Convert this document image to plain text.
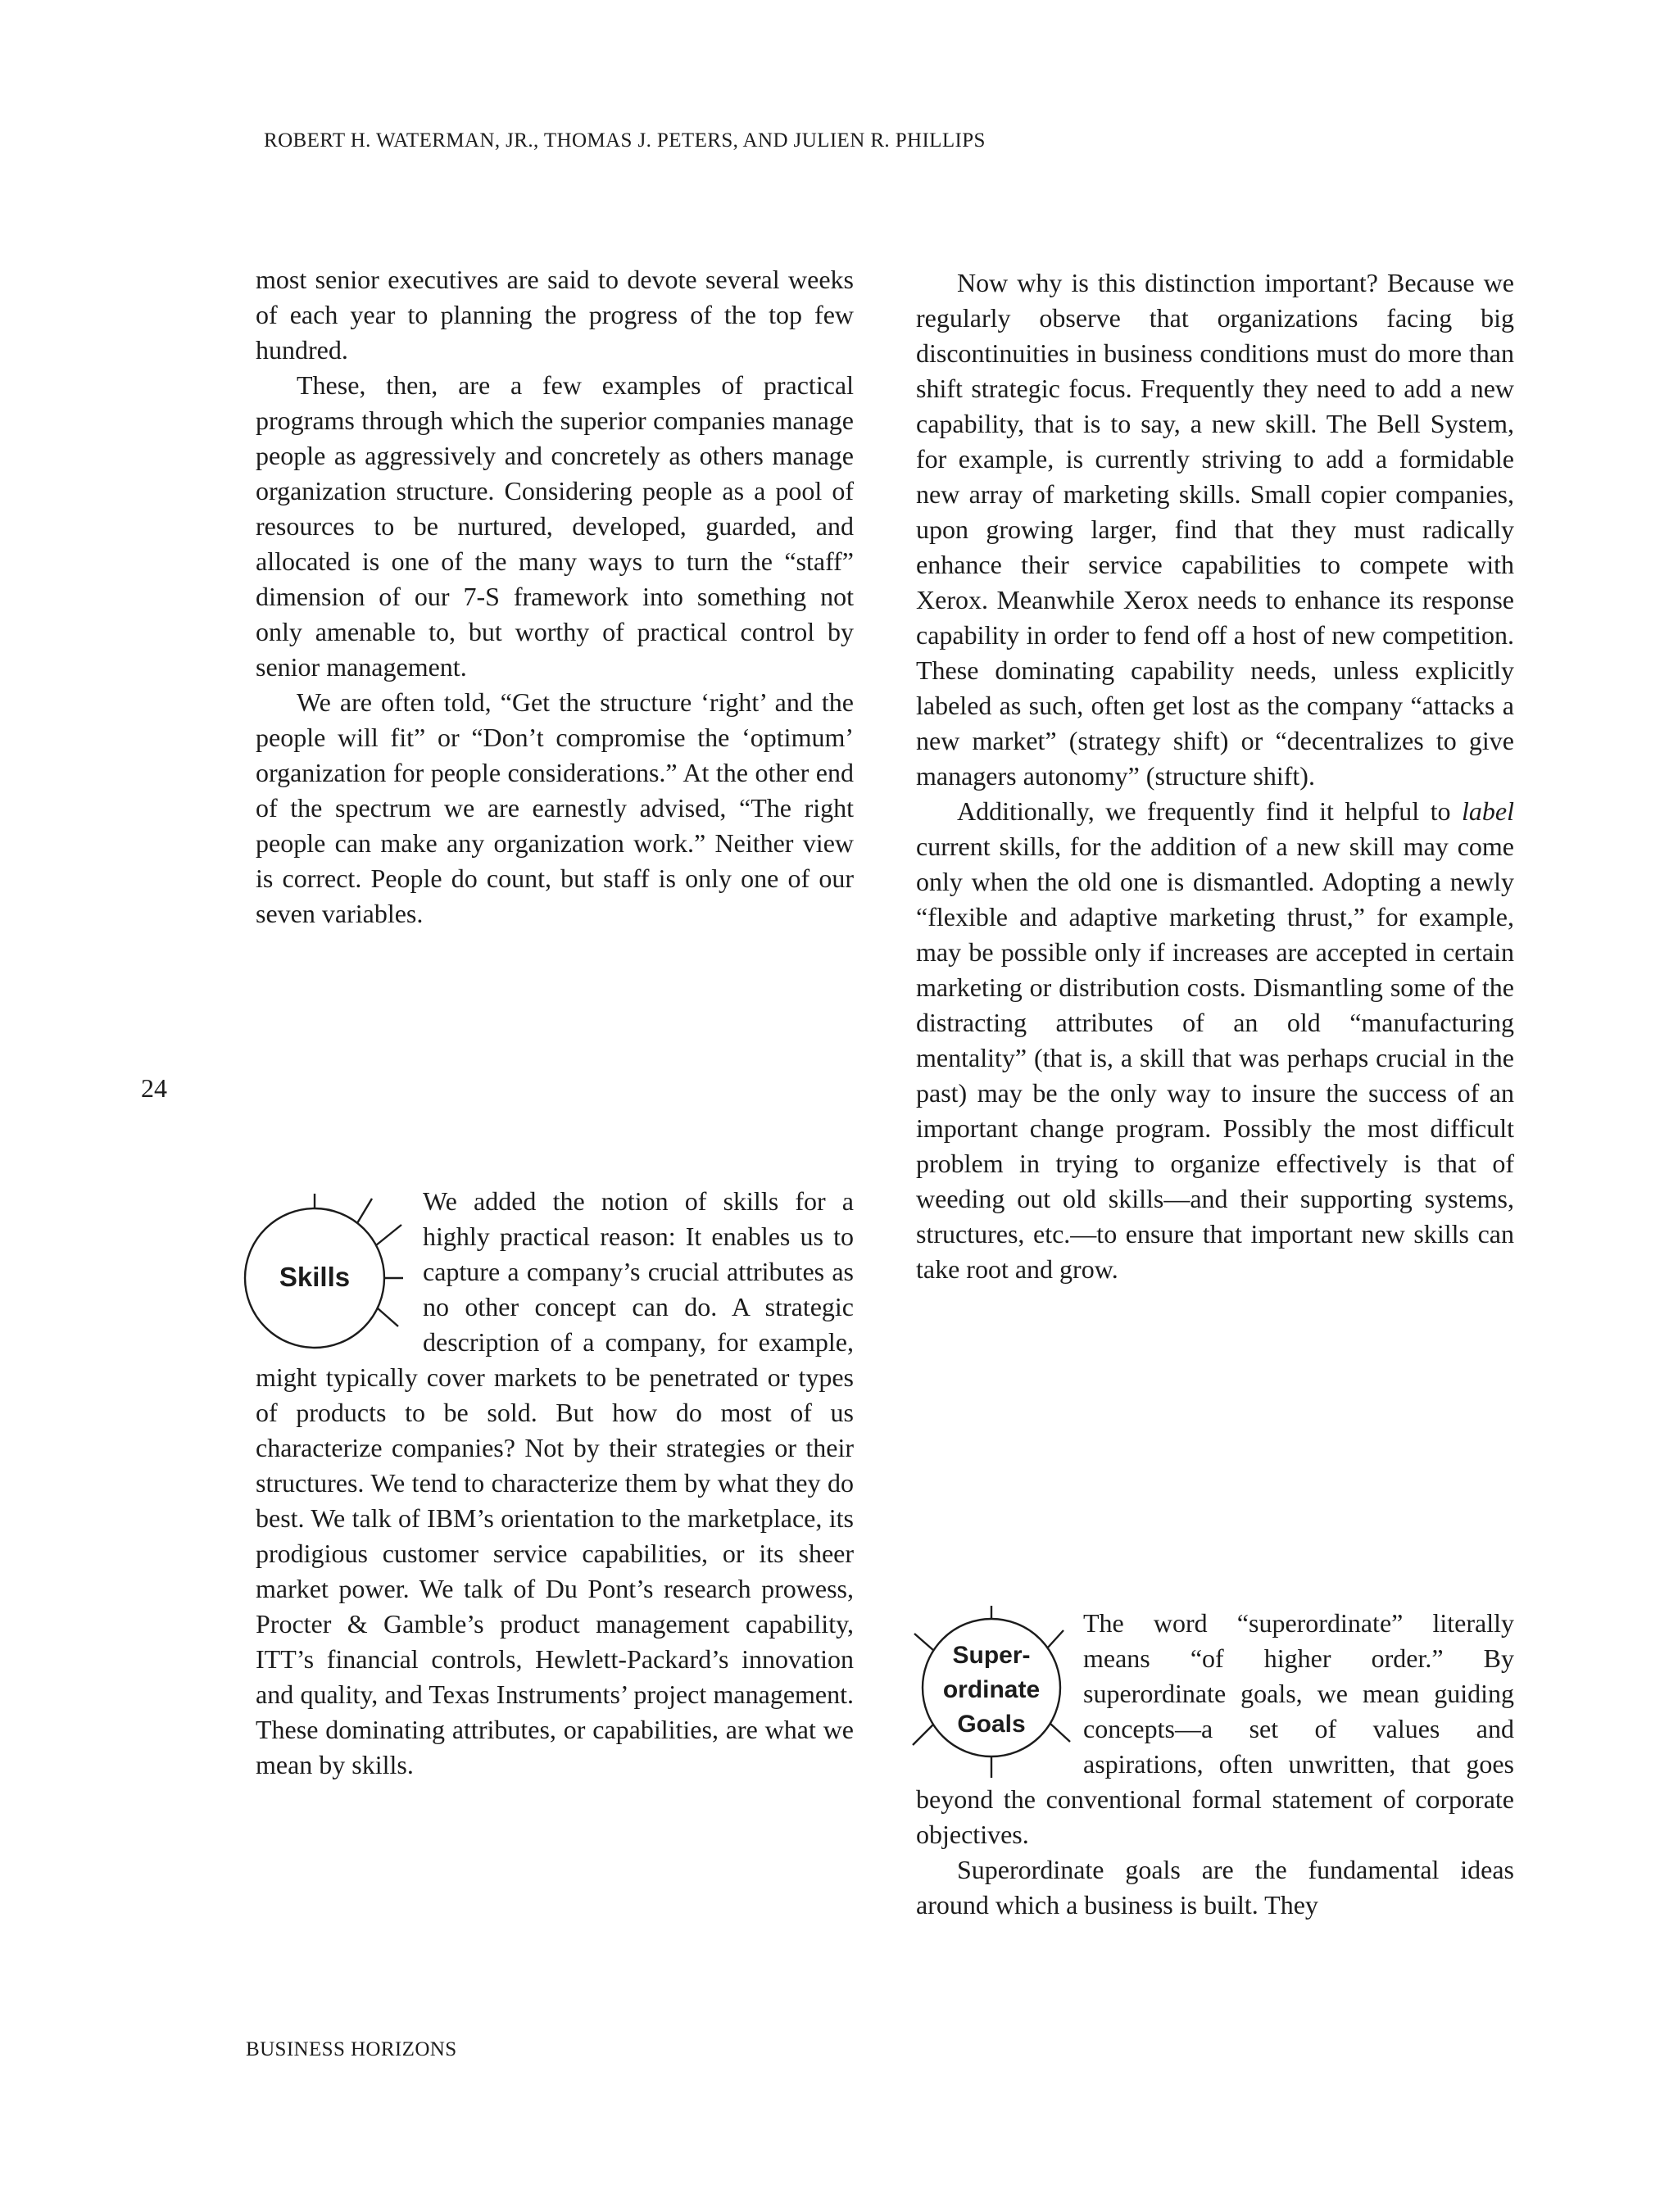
ROBERT H. WATERMAN, JR., THOMAS J. PETERS, AND JULIEN R. PHILLIPS
24

most senior executives are said to devote several weeks of each year to planning the progress of the top few hundred.

These, then, are a few examples of practical programs through which the superior companies manage people as aggressively and concretely as others manage organization structure. Considering people as a pool of resources to be nurtured, developed, guarded, and allocated is one of the many ways to turn the “staff” dimension of our 7-S framework into something not only amenable to, but worthy of practical control by senior management.

We are often told, “Get the structure ‘right’ and the people will fit” or “Don’t compromise the ‘optimum’ organization for people considerations.” At the other end of the spectrum we are earnestly advised, “The right people can make any organization work.” Neither view is correct. People do count, but staff is only one of our seven variables.

Skills

We added the notion of skills for a highly practical reason: It enables us to capture a company’s crucial attributes as no other concept can do. A strategic description of a company, for example, might typically cover markets to be penetrated or types of products to be sold. But how do most of us characterize companies? Not by their strategies or their structures. We tend to characterize them by what they do best. We talk of IBM’s orientation to the marketplace, its prodigious customer service capabilities, or its sheer market power. We talk of Du Pont’s research prowess, Procter & Gamble’s product management capability, ITT’s financial controls, Hewlett-Packard’s innovation and quality, and Texas Instruments’ project management. These dominating attributes, or capabilities, are what we mean by skills.

Now why is this distinction important? Because we regularly observe that organizations facing big discontinuities in business conditions must do more than shift strategic focus. Frequently they need to add a new capability, that is to say, a new skill. The Bell System, for example, is currently striving to add a formidable new array of marketing skills. Small copier companies, upon growing larger, find that they must radically enhance their service capabilities to compete with Xerox. Meanwhile Xerox needs to enhance its response capability in order to fend off a host of new competition. These dominating capability needs, unless explicitly labeled as such, often get lost as the company “attacks a new market” (strategy shift) or “decentralizes to give managers autonomy” (structure shift).

Additionally, we frequently find it helpful to label current skills, for the addition of a new skill may come only when the old one is dismantled. Adopting a newly “flexible and adaptive marketing thrust,” for example, may be possible only if increases are accepted in certain marketing or distribution costs. Dismantling some of the distracting attributes of an old “manufacturing mentality” (that is, a skill that was perhaps crucial in the past) may be the only way to insure the success of an important change program. Possibly the most difficult problem in trying to organize effectively is that of weeding out old skills—and their supporting systems, structures, etc.—to ensure that important new skills can take root and grow.

Super-
ordinate
Goals

The word “superordinate” literally means “of higher order.” By superordinate goals, we mean guiding concepts—a set of values and aspirations, often unwritten, that goes beyond the conventional formal statement of corporate objectives.

Superordinate goals are the fundamental ideas around which a business is built. They

BUSINESS HORIZONS
